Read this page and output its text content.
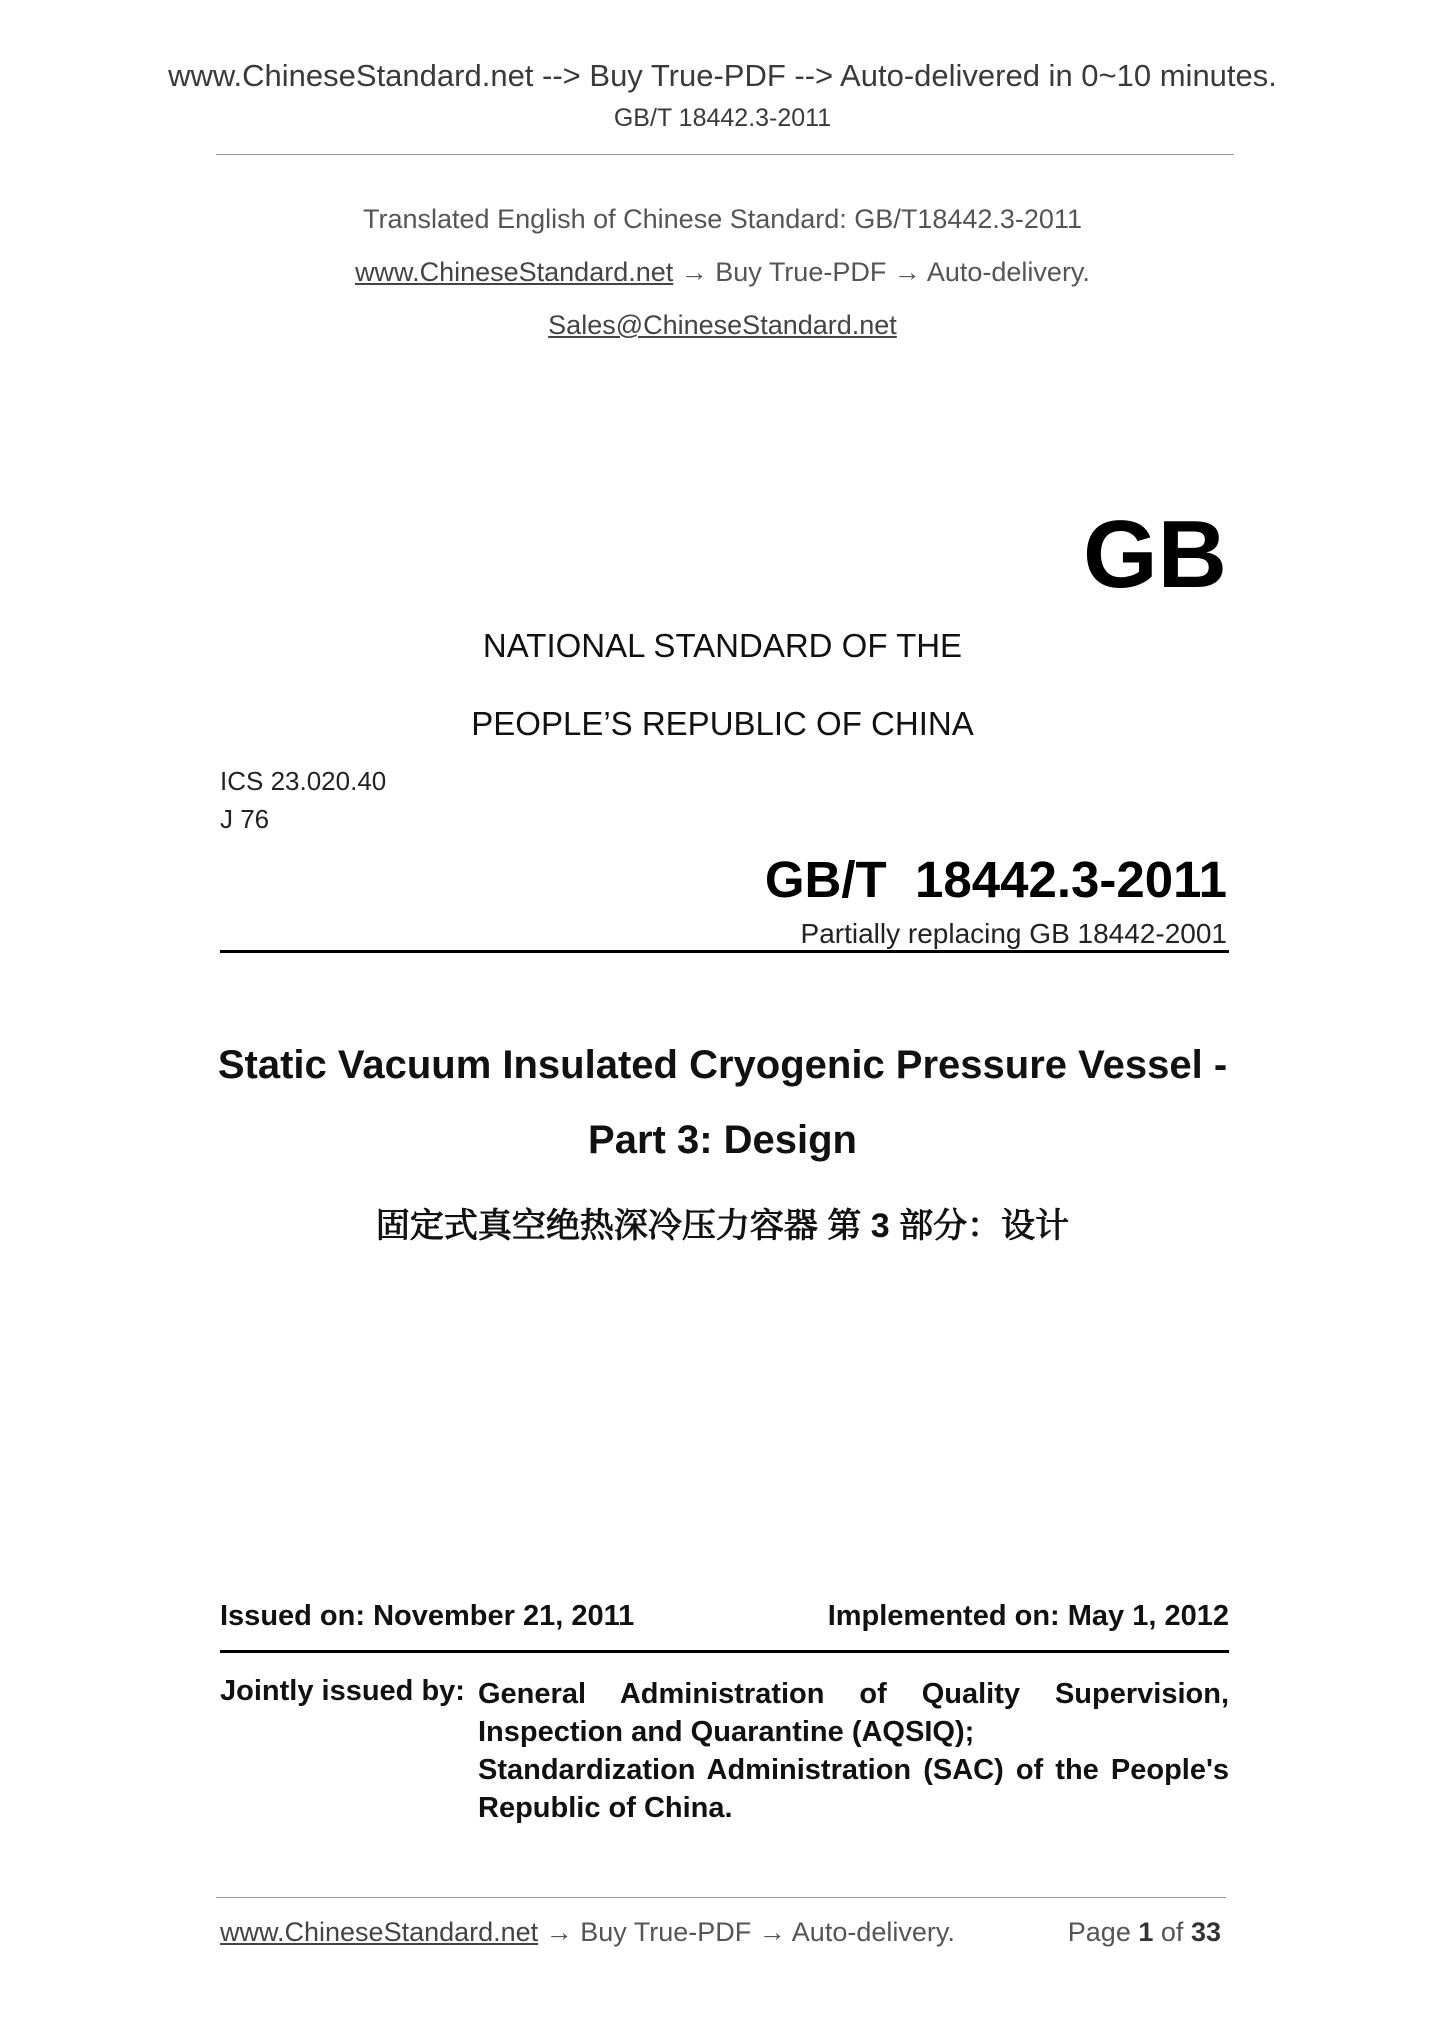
www.ChineseStandard.net --> Buy True-PDF --> Auto-delivered in 0~10 minutes.
GB/T 18442.3-2011
Translated English of Chinese Standard: GB/T18442.3-2011
www.ChineseStandard.net → Buy True-PDF → Auto-delivery.
Sales@ChineseStandard.net
GB
NATIONAL STANDARD OF THE
PEOPLE’S REPUBLIC OF CHINA
ICS 23.020.40
J 76
GB/T  18442.3-2011
Partially replacing GB 18442-2001
Static Vacuum Insulated Cryogenic Pressure Vessel -
Part 3: Design
固定式真空绝热深冷压力容器 第 3 部分：设计
Issued on: November 21, 2011	Implemented on: May 1, 2012
Jointly issued by: General Administration of Quality Supervision,
Inspection and Quarantine (AQSIQ);
Standardization Administration (SAC) of the People's
Republic of China.
www.ChineseStandard.net → Buy True-PDF → Auto-delivery.	Page 1 of 33
